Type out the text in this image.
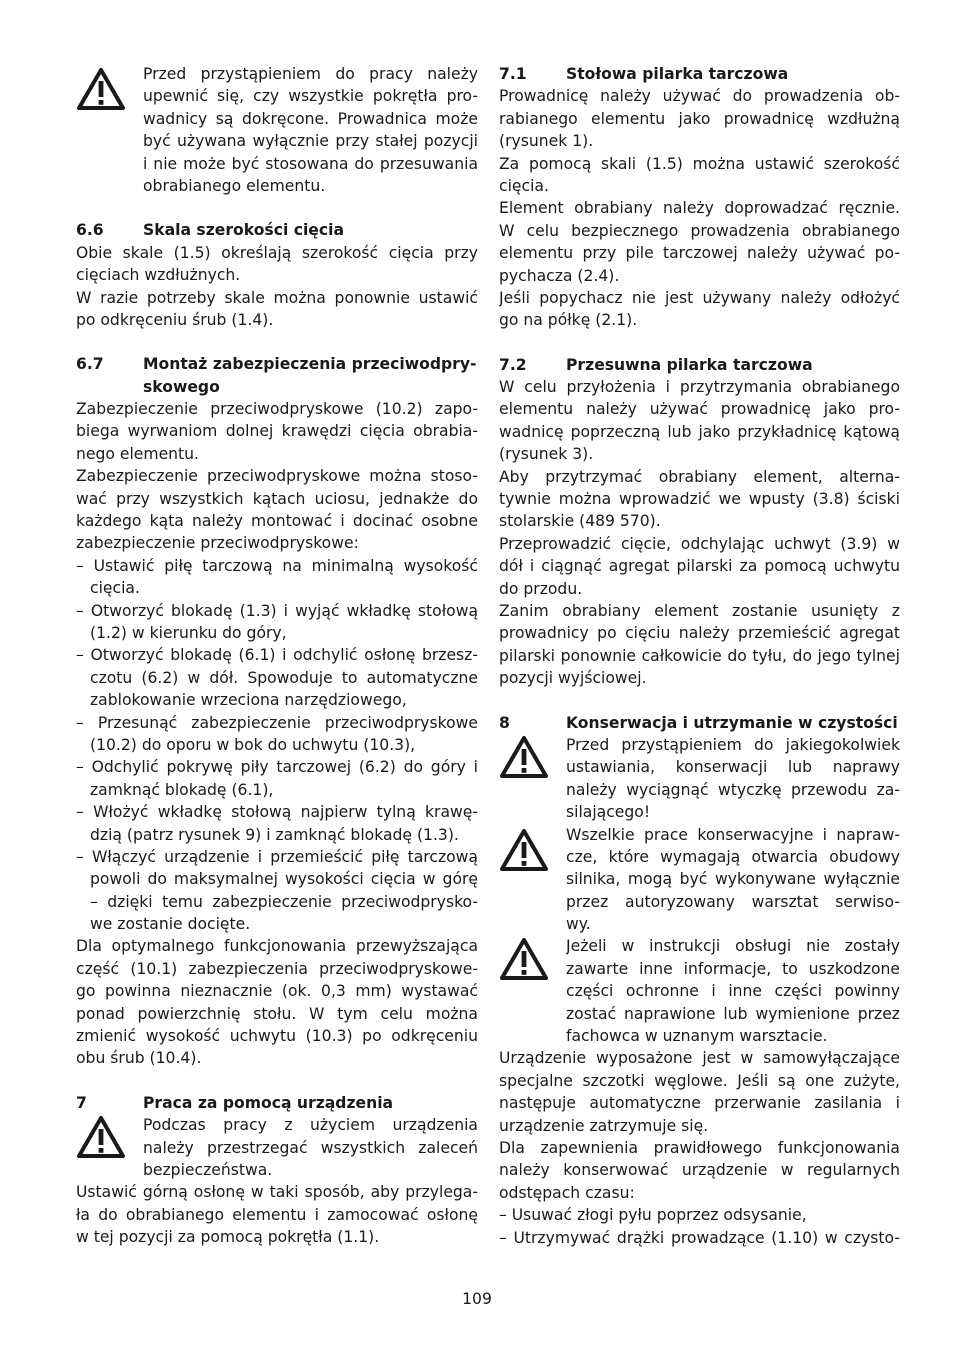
Przed przystąpieniem do pracy należy
upewnić się, czy wszystkie pokrętła pro-
wadnicy są dokręcone. Prowadnica może
być używana wyłącznie przy stałej pozycji
i nie może być stosowana do przesuwania
obrabianego elementu.
6.6	Skala szerokości cięcia
Obie skale (1.5) określają szerokość cięcia przy
cięciach wzdłużnych.
W razie potrzeby skale można ponownie ustawić
po odkręceniu śrub (1.4).
6.7	Montaż zabezpieczenia przeciwodpry-
skowego
Zabezpieczenie przeciwodpryskowe (10.2) zapo-
biega wyrwaniom dolnej krawędzi cięcia obrabia-
nego elementu.
Zabezpieczenie przeciwodpryskowe można stoso-
wać przy wszystkich kątach uciosu, jednakże do
każdego kąta należy montować i docinać osobne
zabezpieczenie przeciwodpryskowe:
– Ustawić piłę tarczową na minimalną wysokość
cięcia.
– Otworzyć blokadę (1.3) i wyjąć wkładkę stołową
(1.2) w kierunku do góry,
– Otworzyć blokadę (6.1) i odchylić osłonę brzesz-
czotu (6.2) w dół. Spowoduje to automatyczne
zablokowanie wrzeciona narzędziowego,
– Przesunąć zabezpieczenie przeciwodpryskowe
(10.2) do oporu w bok do uchwytu (10.3),
– Odchylić pokrywę piły tarczowej (6.2) do góry i
zamknąć blokadę (6.1),
– Włożyć wkładkę stołową najpierw tylną krawę-
dzią (patrz rysunek 9) i zamknąć blokadę (1.3).
– Włączyć urządzenie i przemieścić piłę tarczową
powoli do maksymalnej wysokości cięcia w górę
– dzięki temu zabezpieczenie przeciwodprysko-
we zostanie docięte.
Dla optymalnego funkcjonowania przewyższająca
część (10.1) zabezpieczenia przeciwodpryskowe-
go powinna nieznacznie (ok. 0,3 mm) wystawać
ponad powierzchnię stołu. W tym celu można
zmienić wysokość uchwytu (10.3) po odkręceniu
obu śrub (10.4).
7	Praca za pomocą urządzenia
Podczas pracy z użyciem urządzenia
należy przestrzegać wszystkich zaleceń
bezpieczeństwa.
Ustawić górną osłonę w taki sposób, aby przylega-
ła do obrabianego elementu i zamocować osłonę
w tej pozycji za pomocą pokrętła (1.1).
7.1	Stołowa pilarka tarczowa
Prowadnicę należy używać do prowadzenia ob-
rabianego elementu jako prowadnicę wzdłużną
(rysunek 1).
Za pomocą skali (1.5) można ustawić szerokość
cięcia.
Element obrabiany należy doprowadzać ręcznie.
W celu bezpiecznego prowadzenia obrabianego
elementu przy pile tarczowej należy używać po-
pychacza (2.4).
Jeśli popychacz nie jest używany należy odłożyć
go na półkę (2.1).
7.2	Przesuwna pilarka tarczowa
W celu przyłożenia i przytrzymania obrabianego
elementu należy używać prowadnicę jako pro-
wadnicę poprzeczną lub jako przykładnicę kątową
(rysunek 3).
Aby przytrzymać obrabiany element, alterna-
tywnie można wprowadzić we wpusty (3.8) ściski
stolarskie (489 570).
Przeprowadzić cięcie, odchylając uchwyt (3.9) w
dół i ciągnąć agregat pilarski za pomocą uchwytu
do przodu.
Zanim obrabiany element zostanie usunięty z
prowadnicy po cięciu należy przemieścić agregat
pilarski ponownie całkowicie do tyłu, do jego tylnej
pozycji wyjściowej.
8	Konserwacja i utrzymanie w czystości
Przed przystąpieniem do jakiegokolwiek
ustawiania, konserwacji lub naprawy
należy wyciągnąć wtyczkę przewodu za-
silającego!
Wszelkie prace konserwacyjne i napraw-
cze, które wymagają otwarcia obudowy
silnika, mogą być wykonywane wyłącznie
przez autoryzowany warsztat serwiso-
wy.
Jeżeli w instrukcji obsługi nie zostały
zawarte inne informacje, to uszkodzone
części ochronne i inne części powinny
zostać naprawione lub wymienione przez
fachowca w uznanym warsztacie.
Urządzenie wyposażone jest w samowyłączające
specjalne szczotki węglowe. Jeśli są one zużyte,
następuje automatyczne przerwanie zasilania i
urządzenie zatrzymuje się.
Dla zapewnienia prawidłowego funkcjonowania
należy konserwować urządzenie w regularnych
odstępach czasu:
– Usuwać złogi pyłu poprzez odsysanie,
– Utrzymywać drążki prowadzące (1.10) w czysto-
109
